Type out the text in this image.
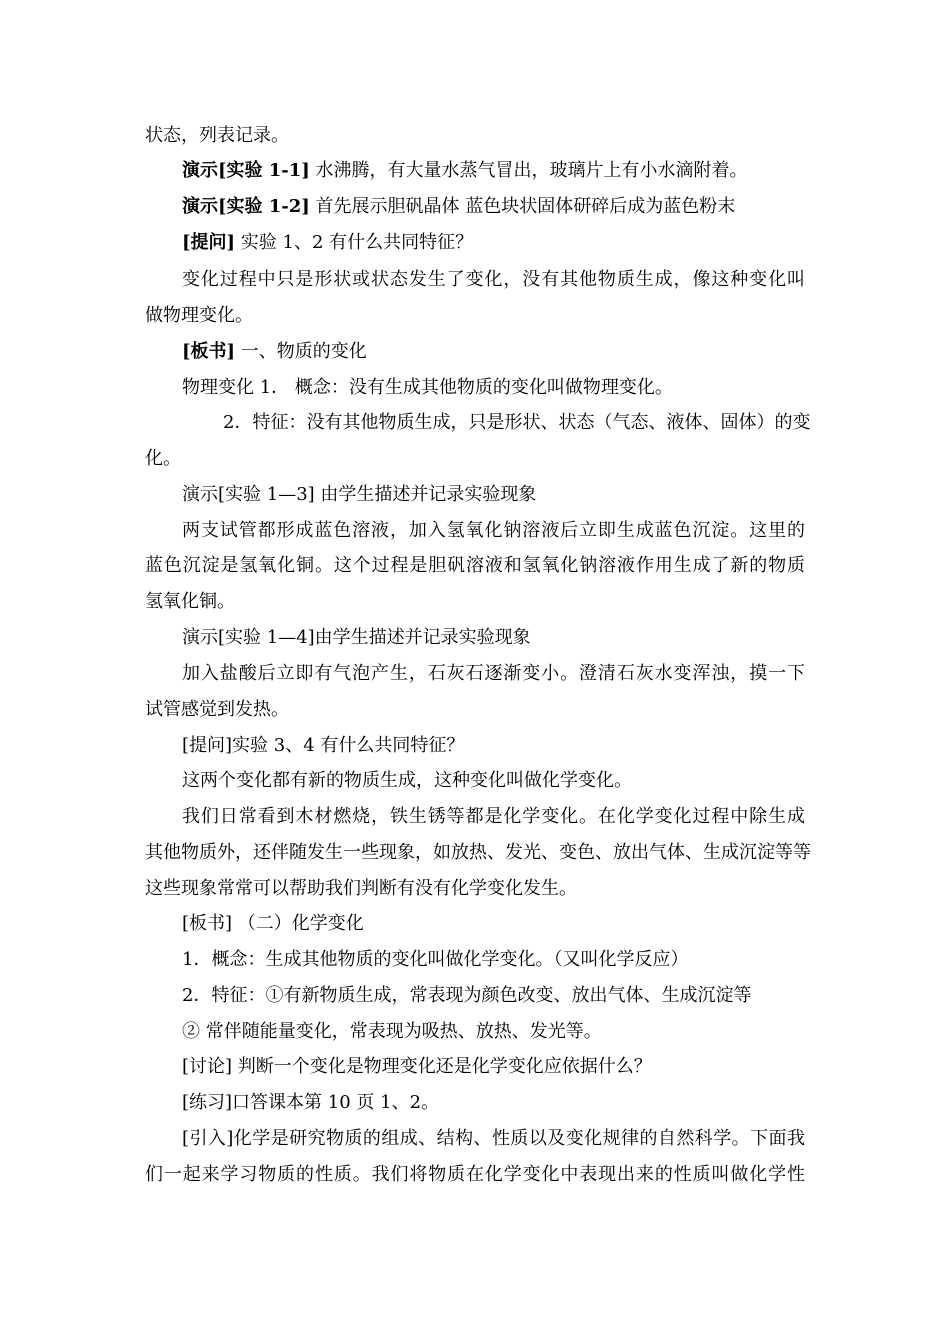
状态，列表记录。
演示[实验 1-1] 水沸腾，有大量水蒸气冒出，玻璃片上有小水滴附着。
演示[实验 1-2] 首先展示胆矾晶体 蓝色块状固体研碎后成为蓝色粉末
[提问] 实验 1、2 有什么共同特征？
变化过程中只是形状或状态发生了变化，没有其他物质生成，像这种变化叫
做物理变化。
[板书] 一、物质的变化
物理变化 1． 概念：没有生成其他物质的变化叫做物理变化。
2．特征：没有其他物质生成，只是形状、状态（气态、液体、固体）的变
化。
演示[实验 1—3] 由学生描述并记录实验现象
两支试管都形成蓝色溶液，加入氢氧化钠溶液后立即生成蓝色沉淀。这里的
蓝色沉淀是氢氧化铜。这个过程是胆矾溶液和氢氧化钠溶液作用生成了新的物质
氢氧化铜。
演示[实验 1—4]由学生描述并记录实验现象
加入盐酸后立即有气泡产生，石灰石逐渐变小。澄清石灰水变浑浊，摸一下
试管感觉到发热。
[提问]实验 3、4 有什么共同特征？
这两个变化都有新的物质生成，这种变化叫做化学变化。
我们日常看到木材燃烧，铁生锈等都是化学变化。在化学变化过程中除生成
其他物质外，还伴随发生一些现象，如放热、发光、变色、放出气体、生成沉淀等等
这些现象常常可以帮助我们判断有没有化学变化发生。
[板书] （二）化学变化
1．概念：生成其他物质的变化叫做化学变化。（又叫化学反应）
2．特征：①有新物质生成，常表现为颜色改变、放出气体、生成沉淀等
② 常伴随能量变化，常表现为吸热、放热、发光等。
[讨论] 判断一个变化是物理变化还是化学变化应依据什么？
[练习]口答课本第 10 页 1、2。
[引入]化学是研究物质的组成、结构、性质以及变化规律的自然科学。下面我
们一起来学习物质的性质。我们将物质在化学变化中表现出来的性质叫做化学性
